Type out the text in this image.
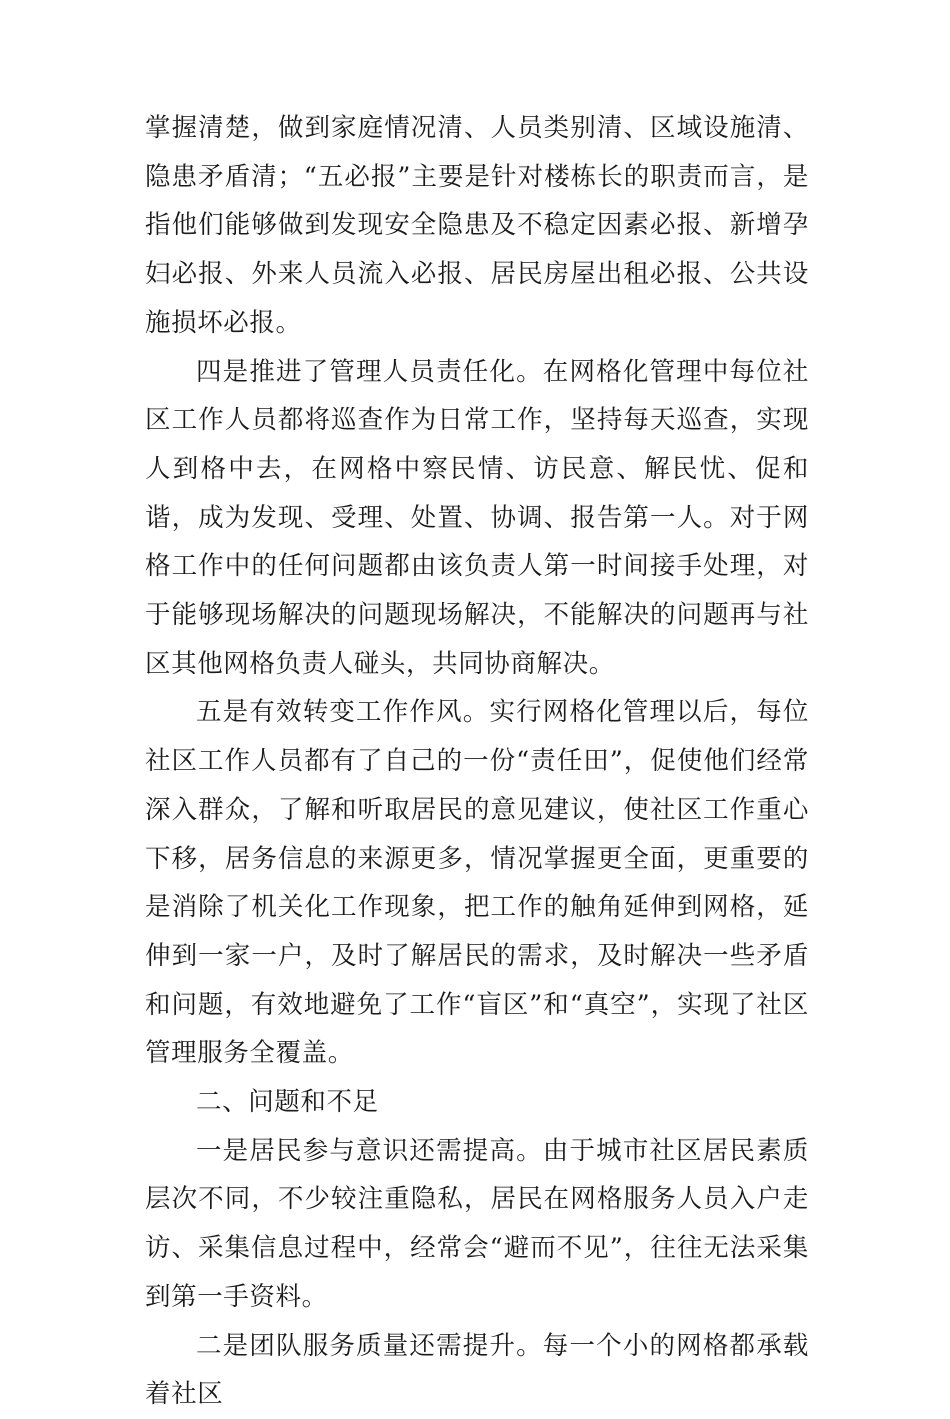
掌握清楚，做到家庭情况清、人员类别清、区域设施清、隐患矛盾清；“五必报”主要是针对楼栋长的职责而言，是指他们能够做到发现安全隐患及不稳定因素必报、新增孕妇必报、外来人员流入必报、居民房屋出租必报、公共设施损坏必报。

四是推进了管理人员责任化。在网格化管理中每位社区工作人员都将巡查作为日常工作，坚持每天巡查，实现人到格中去，在网格中察民情、访民意、解民忧、促和谐，成为发现、受理、处置、协调、报告第一人。对于网格工作中的任何问题都由该负责人第一时间接手处理，对于能够现场解决的问题现场解决，不能解决的问题再与社区其他网格负责人碰头，共同协商解决。

五是有效转变工作作风。实行网格化管理以后，每位社区工作人员都有了自己的一份“责任田”，促使他们经常深入群众，了解和听取居民的意见建议，使社区工作重心下移，居务信息的来源更多，情况掌握更全面，更重要的是消除了机关化工作现象，把工作的触角延伸到网格，延伸到一家一户，及时了解居民的需求，及时解决一些矛盾和问题，有效地避免了工作“盲区”和“真空”，实现了社区管理服务全覆盖。

二、问题和不足

一是居民参与意识还需提高。由于城市社区居民素质层次不同，不少较注重隐私，居民在网格服务人员入户走访、采集信息过程中，经常会“避而不见”，往往无法采集到第一手资料。

二是团队服务质量还需提升。每一个小的网格都承载着社区
